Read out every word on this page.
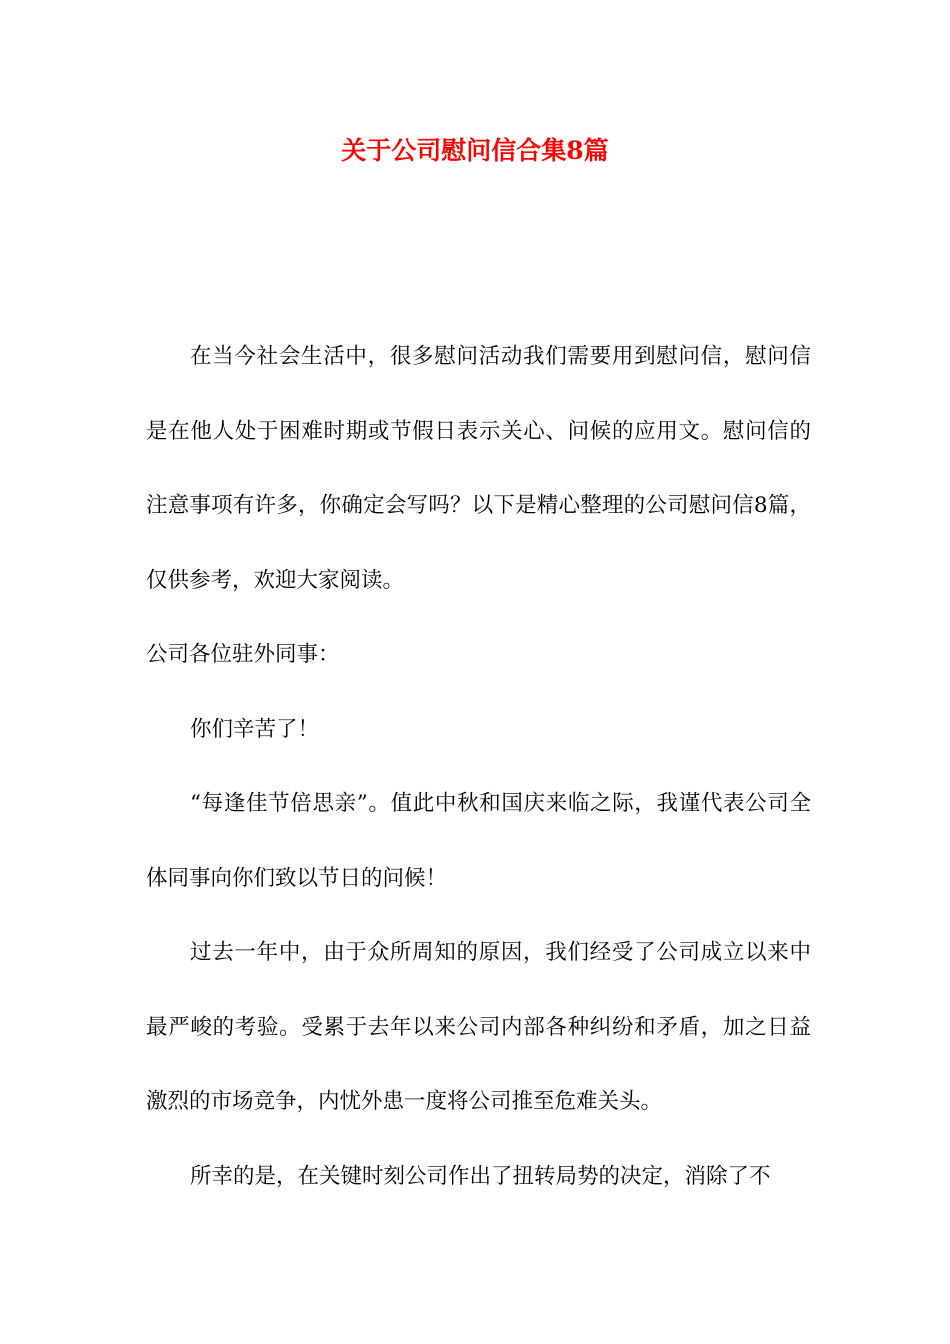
关于公司慰问信合集8篇

在当今社会生活中，很多慰问活动我们需要用到慰问信，慰问信是在他人处于困难时期或节假日表示关心、问候的应用文。慰问信的注意事项有许多，你确定会写吗？以下是精心整理的公司慰问信8篇，仅供参考，欢迎大家阅读。

公司各位驻外同事：

你们辛苦了！

“每逢佳节倍思亲”。值此中秋和国庆来临之际，我谨代表公司全体同事向你们致以节日的问候！

过去一年中，由于众所周知的原因，我们经受了公司成立以来中最严峻的考验。受累于去年以来公司内部各种纠纷和矛盾，加之日益激烈的市场竞争，内忧外患一度将公司推至危难关头。

所幸的是，在关键时刻公司作出了扭转局势的决定，消除了不
